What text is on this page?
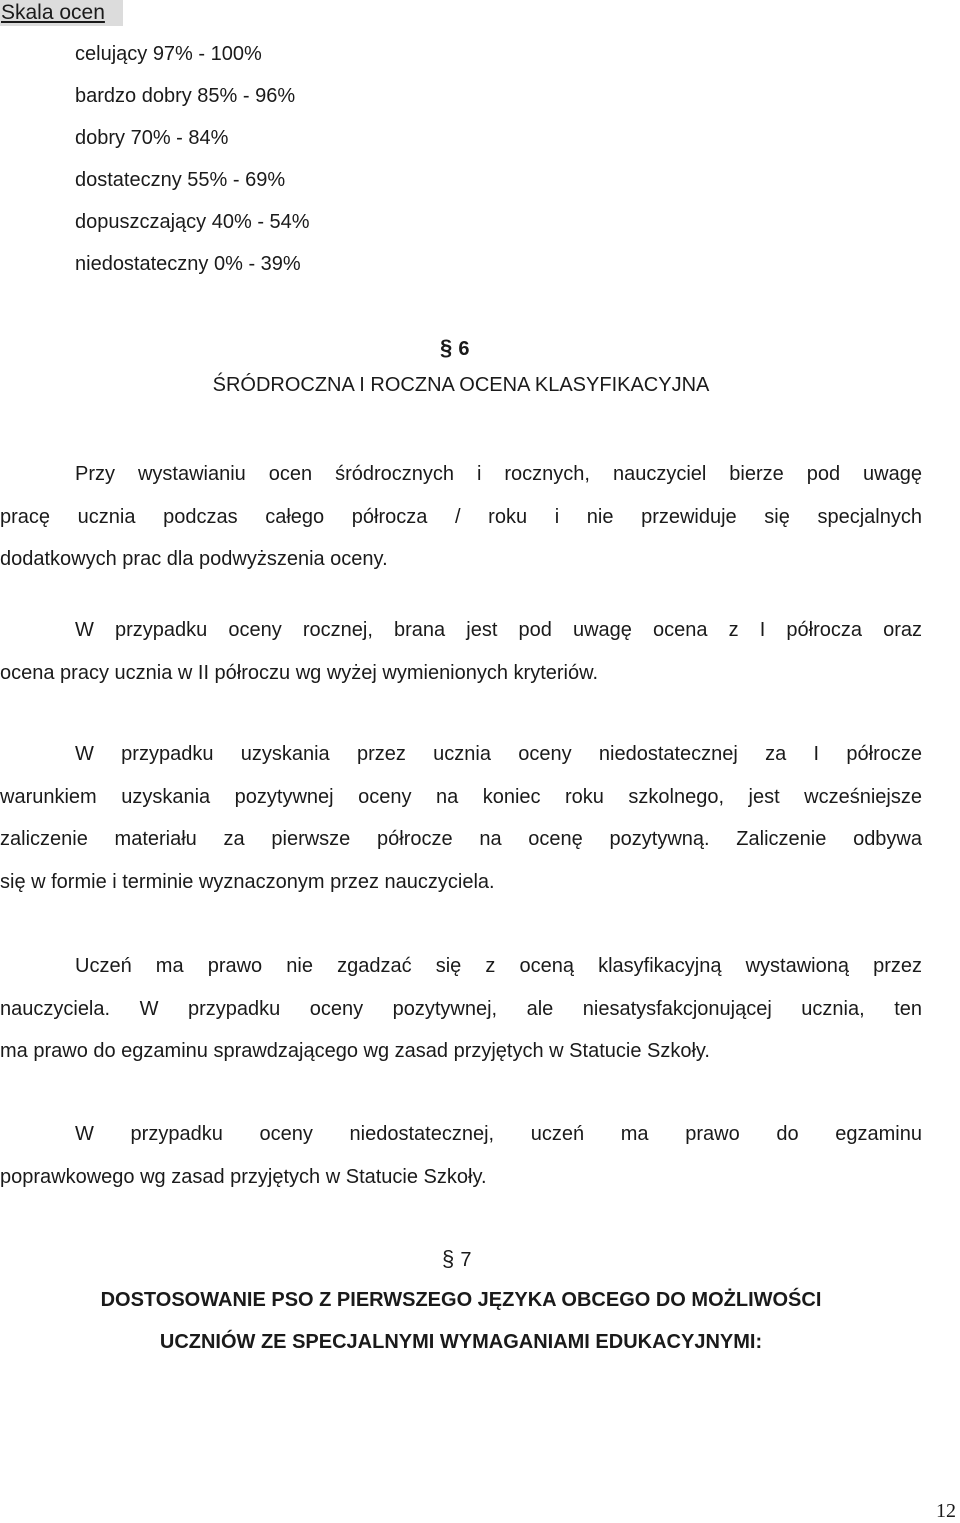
Skala ocen
celujący 97% - 100%
bardzo dobry 85% - 96%
dobry 70% - 84%
dostateczny 55% - 69%
dopuszczający 40% - 54%
niedostateczny 0% - 39%
§ 6
ŚRÓDROCZNA I ROCZNA OCENA KLASYFIKACYJNA
Przy wystawianiu ocen śródrocznych i rocznych, nauczyciel bierze pod uwagę
pracę ucznia podczas całego półrocza / roku i nie przewiduje się specjalnych
dodatkowych prac dla podwyższenia oceny.
W przypadku oceny rocznej, brana jest pod uwagę ocena z I półrocza oraz
ocena pracy ucznia w II półroczu wg wyżej wymienionych kryteriów.
W przypadku uzyskania przez ucznia oceny niedostatecznej za I półrocze
warunkiem uzyskania pozytywnej oceny na koniec roku szkolnego, jest wcześniejsze
zaliczenie materiału za pierwsze półrocze na ocenę pozytywną. Zaliczenie odbywa
się w formie i terminie wyznaczonym przez nauczyciela.
Uczeń ma prawo nie zgadzać się z oceną klasyfikacyjną wystawioną przez
nauczyciela. W przypadku oceny pozytywnej, ale niesatysfakcjonującej ucznia, ten
ma prawo do egzaminu sprawdzającego wg zasad przyjętych w Statucie Szkoły.
W przypadku oceny niedostatecznej, uczeń ma prawo do egzaminu
poprawkowego wg zasad przyjętych w Statucie Szkoły.
§ 7
DOSTOSOWANIE PSO Z PIERWSZEGO JĘZYKA OBCEGO DO MOŻLIWOŚCI
UCZNIÓW ZE SPECJALNYMI WYMAGANIAMI EDUKACYJNYMI:
12
